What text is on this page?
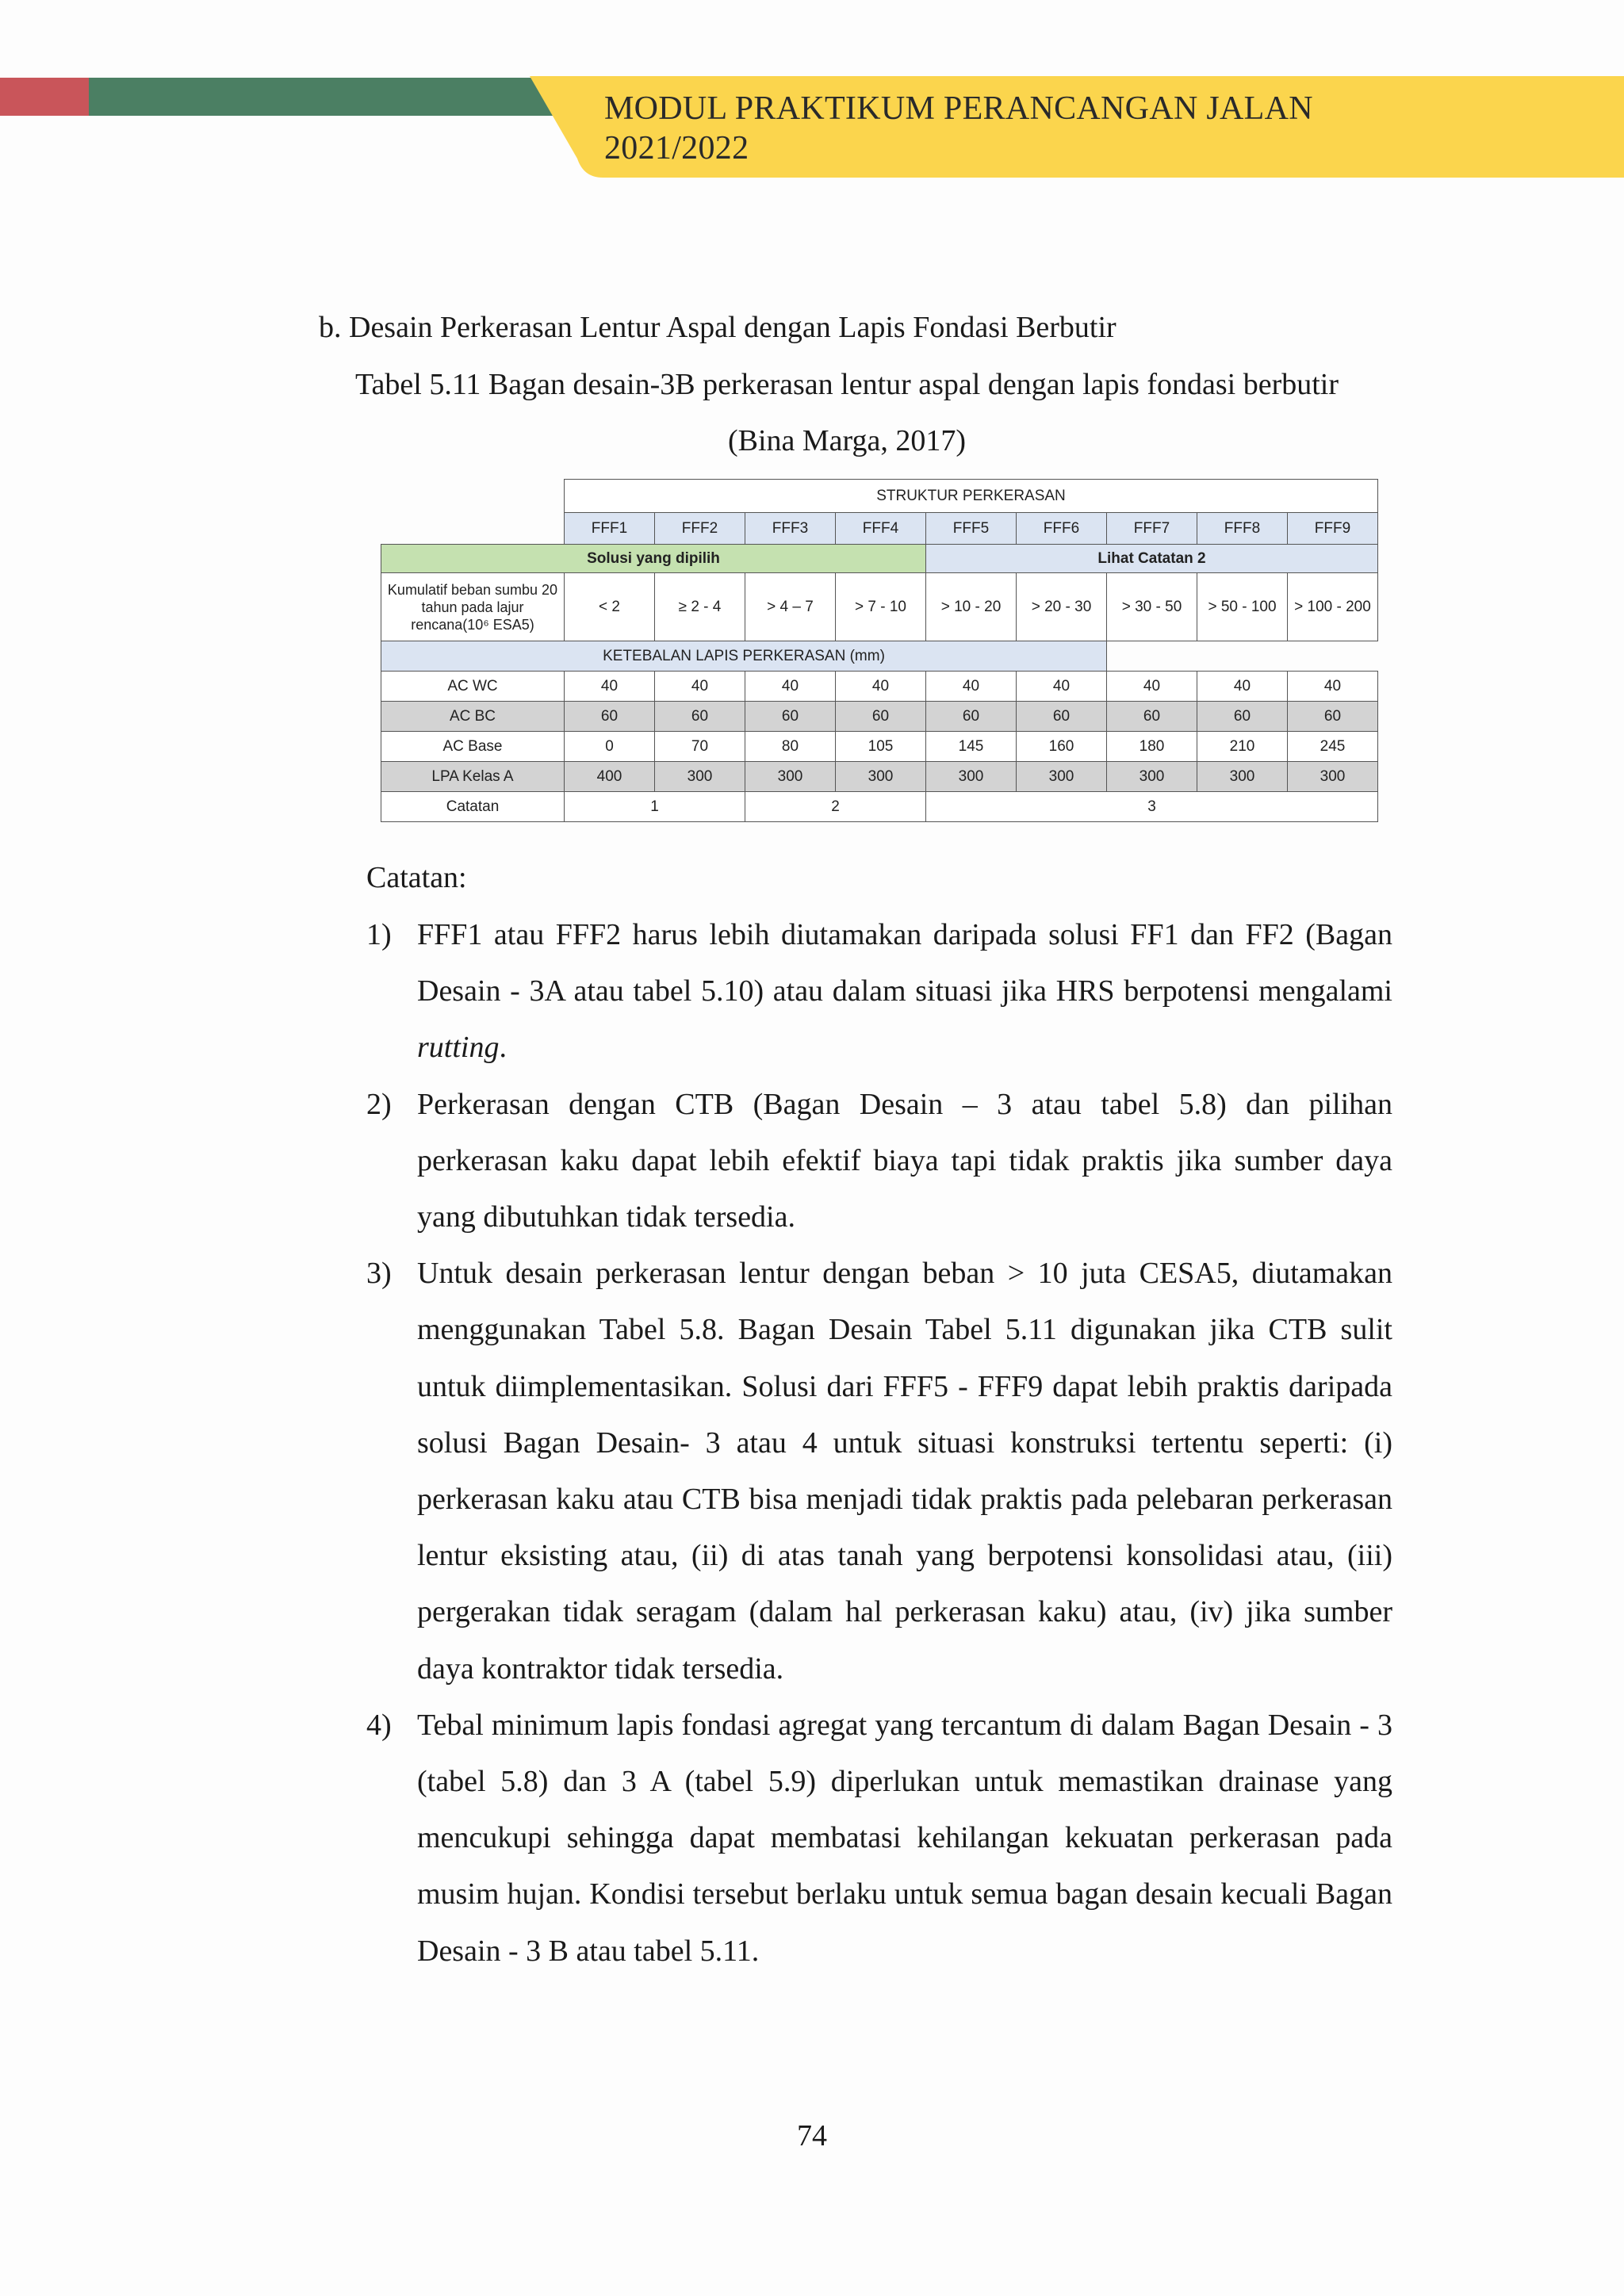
MODUL PRAKTIKUM PERANCANGAN JALAN
2021/2022
b. Desain Perkerasan Lentur Aspal dengan Lapis Fondasi Berbutir
Tabel 5.11 Bagan desain-3B perkerasan lentur aspal dengan lapis fondasi berbutir
(Bina Marga, 2017)
	STRUKTUR PERKERASAN								
	FFF1	FFF2	FFF3	FFF4	FFF5	FFF6	FFF7	FFF8	FFF9
Solusi yang dipilih					Lihat Catatan 2				
Kumulatif beban sumbu 20 tahun pada lajur rencana(10⁶ ESA5)	< 2	≥ 2 - 4	> 4 – 7	> 7 - 10	> 10 - 20	> 20 - 30	> 30 - 50	> 50 - 100	> 100 - 200
KETEBALAN LAPIS PERKERASAN (mm)									
AC WC	40	40	40	40	40	40	40	40	40
AC BC	60	60	60	60	60	60	60	60	60
AC Base	0	70	80	105	145	160	180	210	245
LPA Kelas A	400	300	300	300	300	300	300	300	300
Catatan	1		2		3				
Catatan:
1) FFF1 atau FFF2 harus lebih diutamakan daripada solusi FF1 dan FF2 (Bagan Desain - 3A atau tabel 5.10) atau dalam situasi jika HRS berpotensi mengalami rutting.
2) Perkerasan dengan CTB (Bagan Desain – 3 atau tabel 5.8) dan pilihan perkerasan kaku dapat lebih efektif biaya tapi tidak praktis jika sumber daya yang dibutuhkan tidak tersedia.
3) Untuk desain perkerasan lentur dengan beban > 10 juta CESA5, diutamakan menggunakan Tabel 5.8. Bagan Desain Tabel 5.11 digunakan jika CTB sulit untuk diimplementasikan. Solusi dari FFF5 - FFF9 dapat lebih praktis daripada solusi Bagan Desain- 3 atau 4 untuk situasi konstruksi tertentu seperti: (i) perkerasan kaku atau CTB bisa menjadi tidak praktis pada pelebaran perkerasan lentur eksisting atau, (ii) di atas tanah yang berpotensi konsolidasi atau, (iii) pergerakan tidak seragam (dalam hal perkerasan kaku) atau, (iv) jika sumber daya kontraktor tidak tersedia.
4) Tebal minimum lapis fondasi agregat yang tercantum di dalam Bagan Desain - 3 (tabel 5.8) dan 3 A (tabel 5.9) diperlukan untuk memastikan drainase yang mencukupi sehingga dapat membatasi kehilangan kekuatan perkerasan pada musim hujan. Kondisi tersebut berlaku untuk semua bagan desain kecuali Bagan Desain - 3 B atau tabel 5.11.
74
